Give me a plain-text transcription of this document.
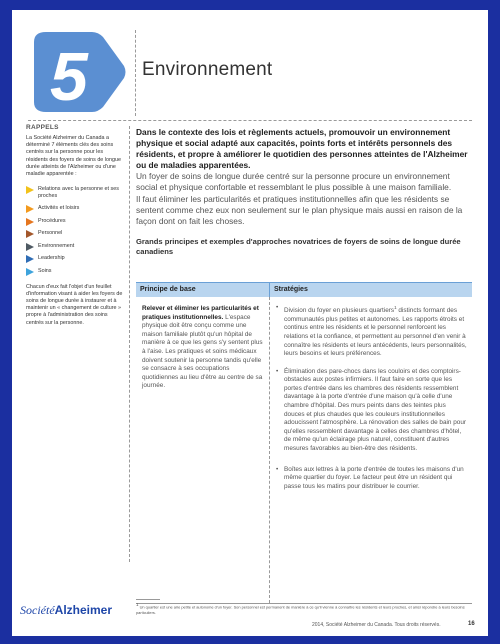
5	Environnement
RAPPELS

La Société Alzheimer du Canada a déterminé 7 éléments clés des soins centrés sur la personne pour les résidents des foyers de soins de longue durée atteints de l'Alzheimer ou d'une maladie apparentée :

Relations avec la personne et ses proches
Activités et loisirs
Procédures
Personnel
Environnement
Leadership
Soins

Chacun d'eux fait l'objet d'un feuillet d'information visant à aider les foyers de soins de longue durée à instaurer et à maintenir un « changement de culture » propre à l'administration des soins centrés sur la personne.

Dans le contexte des lois et règlements actuels, promouvoir un environnement physique et social adapté aux capacités, points forts et intérêts personnels des résidents, et propre à améliorer le quotidien des personnes atteintes de l'Alzheimer ou de maladies apparentées.

Un foyer de soins de longue durée centré sur la personne procure un environnement social et physique confortable et ressemblant le plus possible à une maison familiale.

Il faut éliminer les particularités et pratiques institutionnelles afin que les résidents se sentent comme chez eux non seulement sur le plan physique mais aussi en raison de la façon dont on fait les choses.

Grands principes et exemples d'approches novatrices de foyers de soins de longue durée canadiens
Principe de base	Stratégies
Relever et éliminer les particularités et pratiques institutionnelles. L'espace physique doit être conçu comme une maison familiale plutôt qu'un hôpital de manière à ce que les gens s'y sentent plus à l'aise. Les pratiques et soins médicaux doivent soutenir la personne tandis qu'elle se consacre à ses occupations quotidiennes au lieu d'être au centre de sa journée.
• Division du foyer en plusieurs quartiers$^1$ distincts formant des communautés plus petites et autonomes. Les rapports étroits et continus entre les résidents et le personnel renforcent les relations et la confiance, et permettent au personnel d'en venir à connaître les résidents et leurs antécédents, leurs personnalités, leurs besoins et leurs préférences.
• Élimination des pare-chocs dans les couloirs et des comptoirs-obstacles aux postes infirmiers. Il faut faire en sorte que les portes d'entrée dans les chambres des résidents ressemblent davantage à la porte d'entrée d'une maison qu'à celle d'une chambre d'hôpital. Des murs peints dans des teintes plus douces et plus chaudes que les couleurs institutionnelles adoucissent l'atmosphère. La rénovation des salles de bain pour qu'elles ressemblent davantage à celles des chambres d'hôtel, de même qu'un éclairage plus naturel, constituent d'autres mesures favorables au bien-être des résidents.
• Boîtes aux lettres à la porte d'entrée de toutes les maisons d'un même quartier du foyer. Le facteur peut être un résident qui passe tous les matins pour distribuer le courrier.
SociétéAlzheimer	$^1$ Un quartier est une aire petite et autonome d'un foyer. Son personnel est permanent de manière à ce qu'il vienne à connaître les résidents et leurs proches, et ainsi répondre à leurs besoins particuliers.
2014, Société Alzheimer du Canada. Tous droits réservés.	16
